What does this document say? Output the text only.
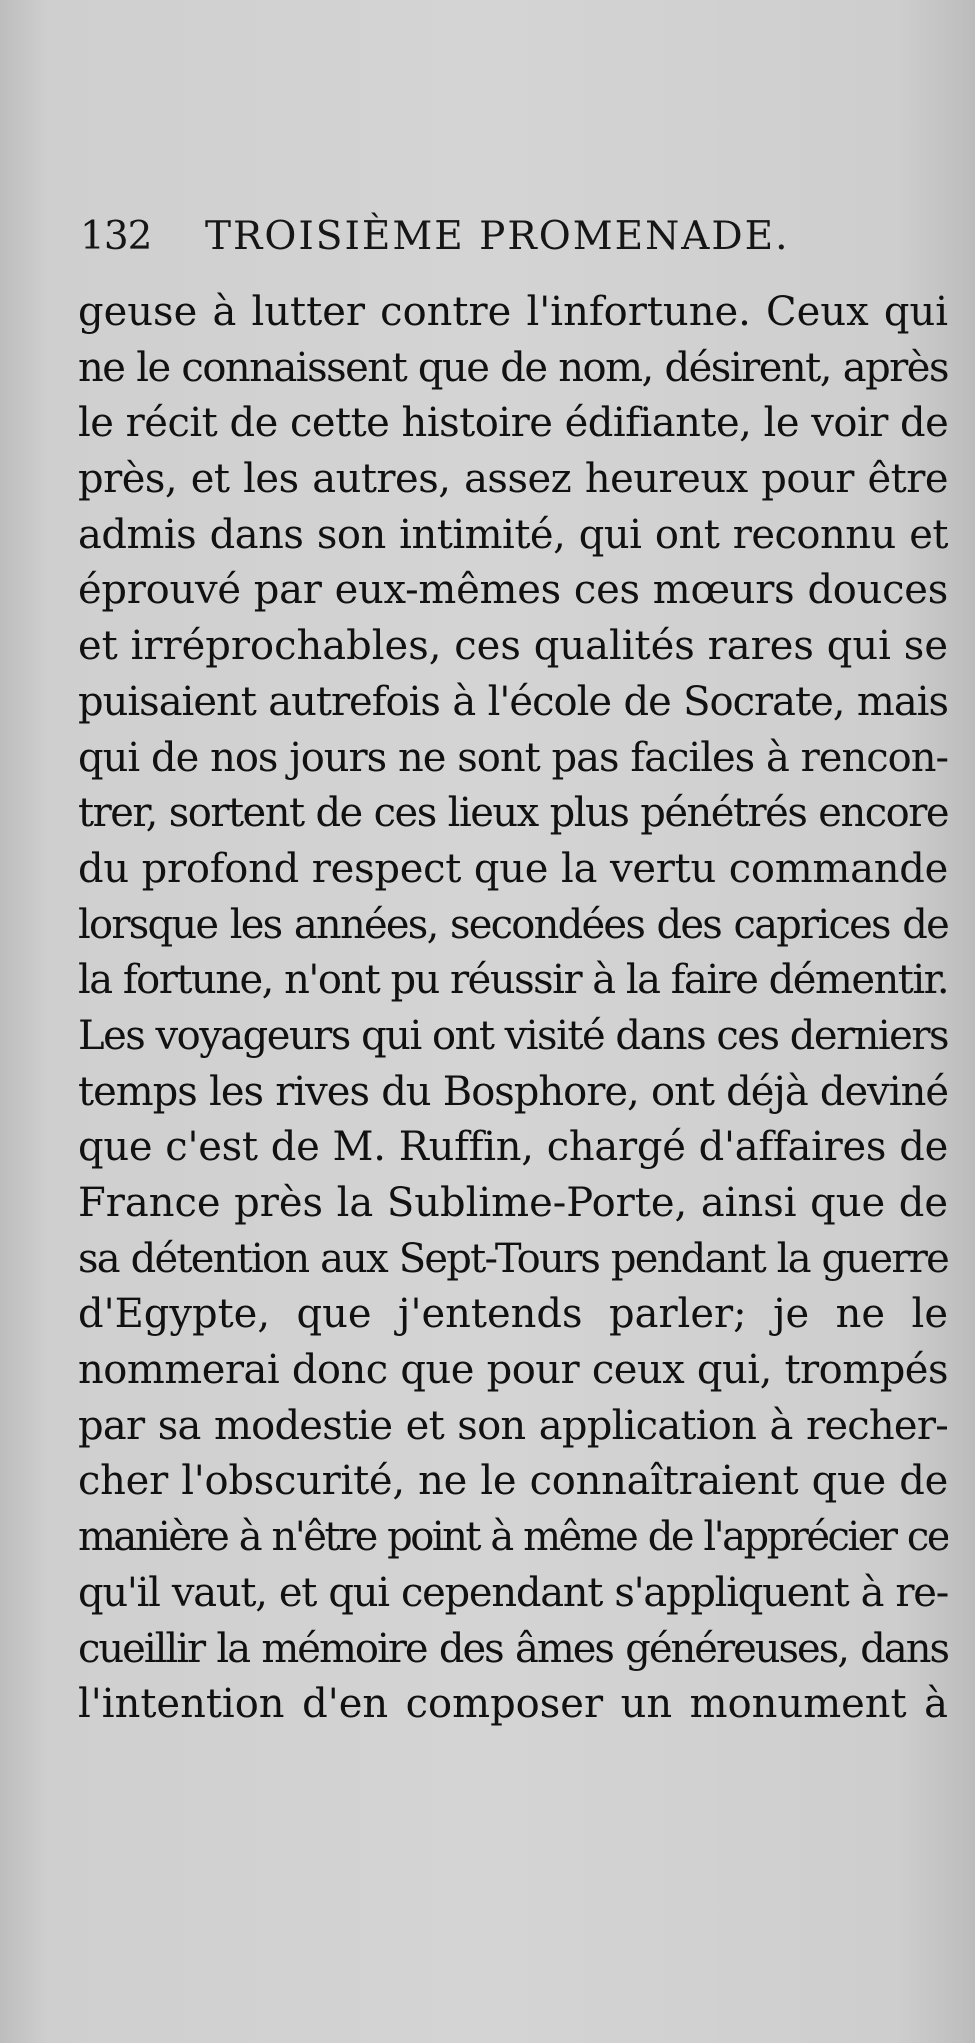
132 TROISIÈME PROMENADE.
geuse à lutter contre l'infortune. Ceux qui
ne le connaissent que de nom, désirent, après
le récit de cette histoire édifiante, le voir de
près, et les autres, assez heureux pour être
admis dans son intimité, qui ont reconnu et
éprouvé par eux-mêmes ces mœurs douces
et irréprochables, ces qualités rares qui se
puisaient autrefois à l'école de Socrate, mais
qui de nos jours ne sont pas faciles à rencon-
trer, sortent de ces lieux plus pénétrés encore
du profond respect que la vertu commande
lorsque les années, secondées des caprices de
la fortune, n'ont pu réussir à la faire démentir.
Les voyageurs qui ont visité dans ces derniers
temps les rives du Bosphore, ont déjà deviné
que c'est de M. Ruffin, chargé d'affaires de
France près la Sublime-Porte, ainsi que de
sa détention aux Sept-Tours pendant la guerre
d'Egypte, que j'entends parler; je ne le
nommerai donc que pour ceux qui, trompés
par sa modestie et son application à recher-
cher l'obscurité, ne le connaîtraient que de
manière à n'être point à même de l'apprécier ce
qu'il vaut, et qui cependant s'appliquent à re-
cueillir la mémoire des âmes généreuses, dans
l'intention d'en composer un monument à
